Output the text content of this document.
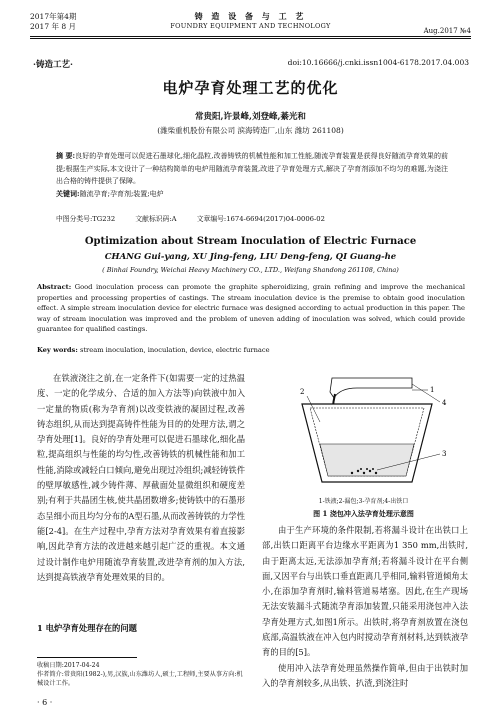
2017年第4期
2017 年 8 月
铸 造 设 备 与 工 艺
FOUNDRY EQUIPMENT AND TECHNOLOGY
Aug.2017 №4
·铸造工艺·	doi:10.16666/j.cnki.issn1004-6178.2017.04.003
电炉孕育处理工艺的优化
常贵阳,许景峰,刘登峰,綦光和
(潍柴重机股份有限公司 滨海铸造厂,山东 潍坊 261108)
摘 要:良好的孕育处理可以促进石墨球化,细化晶粒,改善铸铁的机械性能和加工性能,随流孕育装置是获得良好随流孕育效果的前提;根据生产实际,本文设计了一种结构简单的电炉用随流孕育装置,改进了孕育处理方式,解决了孕育剂添加不均匀的难题,为浇注出合格的铸件提供了保障。
关键词:随流孕育;孕育剂;装置;电炉
中图分类号:TG232	文献标识码:A	文章编号:1674-6694(2017)04-0006-02
Optimization about Stream Inoculation of Electric Furnace
CHANG Gui-yang, XU Jing-feng, LIU Deng-feng, QI Guang-he
( Binhai Foundry, Weichai Heavy Machinery CO., LTD., Weifang Shandong 261108, China)
Abstract: Good inoculation process can promote the graphite spheroidizing, grain refining and improve the mechanical properties and processing properties of castings. The stream inoculation device is the premise to obtain good inoculation effect. A simple stream inoculation device for electric furnace was designed according to actual production in this paper. The way of stream inoculation was improved and the problem of uneven adding of inoculation was solved, which could provide guarantee for qualified castings.
Key words: stream inoculation, inoculation, device, electric furnace

在铁液浇注之前,在一定条件下(如需要一定的过热温度、一定的化学成分、合适的加入方法等)向铁液中加入一定量的物质(称为孕育剂)以改变铁液的凝固过程,改善铸态组织,从而达到提高铸件性能为目的的处理方法,谓之孕育处理[1]。良好的孕育处理可以促进石墨球化,细化晶粒,提高组织与性能的均匀性,改善铸铁的机械性能和加工性能,消除或减轻白口倾向,避免出现过冷组织;减轻铸铁件的壁厚敏感性,减少铸件薄、厚截面处显微组织和硬度差别;有利于共晶团生核,使共晶团数增多;使铸铁中的石墨形态呈细小而且均匀分布的A型石墨,从而改善铸铁的力学性能[2-4]。在生产过程中,孕育方法对孕育效果有着直接影响,因此孕育方法的改进越来越引起广泛的重视。本文通过设计制作电炉用随流孕育装置,改进孕育剂的加入方法,达到提高铁液孕育处理效果的目的。

1 电炉孕育处理存在的问题
收稿日期:2017-04-24
作者简介:常贵阳(1982-),男,汉族,山东潍坊人,硕士,工程师,主要从事方向:机械设计工作。
· 6 ·
1
2
3
4
1-铁液;2-漏包;3-孕育剂;4-出铁口
图 1 浇包冲入法孕育处理示意图

由于生产环境的条件限制,若将漏斗设计在出铁口上部,出铁口距离平台边缘水平距离为1 350 mm,出铁时,由于距离太远,无法添加孕育剂;若将漏斗设计在平台侧面,又因平台与出铁口垂直距离几乎相同,输料管道倾角太小,在添加孕育剂时,输料管道易堵塞。因此,在生产现场无法安装漏斗式随流孕育添加装置,只能采用浇包冲入法孕育处理方式,如图1所示。出铁时,将孕育剂放置在浇包底部,高温铁液在冲入包内时搅动孕育剂材料,达到铁液孕育的目的[5]。

使用冲入法孕育处理虽然操作简单,但由于出铁时加入的孕育剂较多,从出铁、扒渣,到浇注时
